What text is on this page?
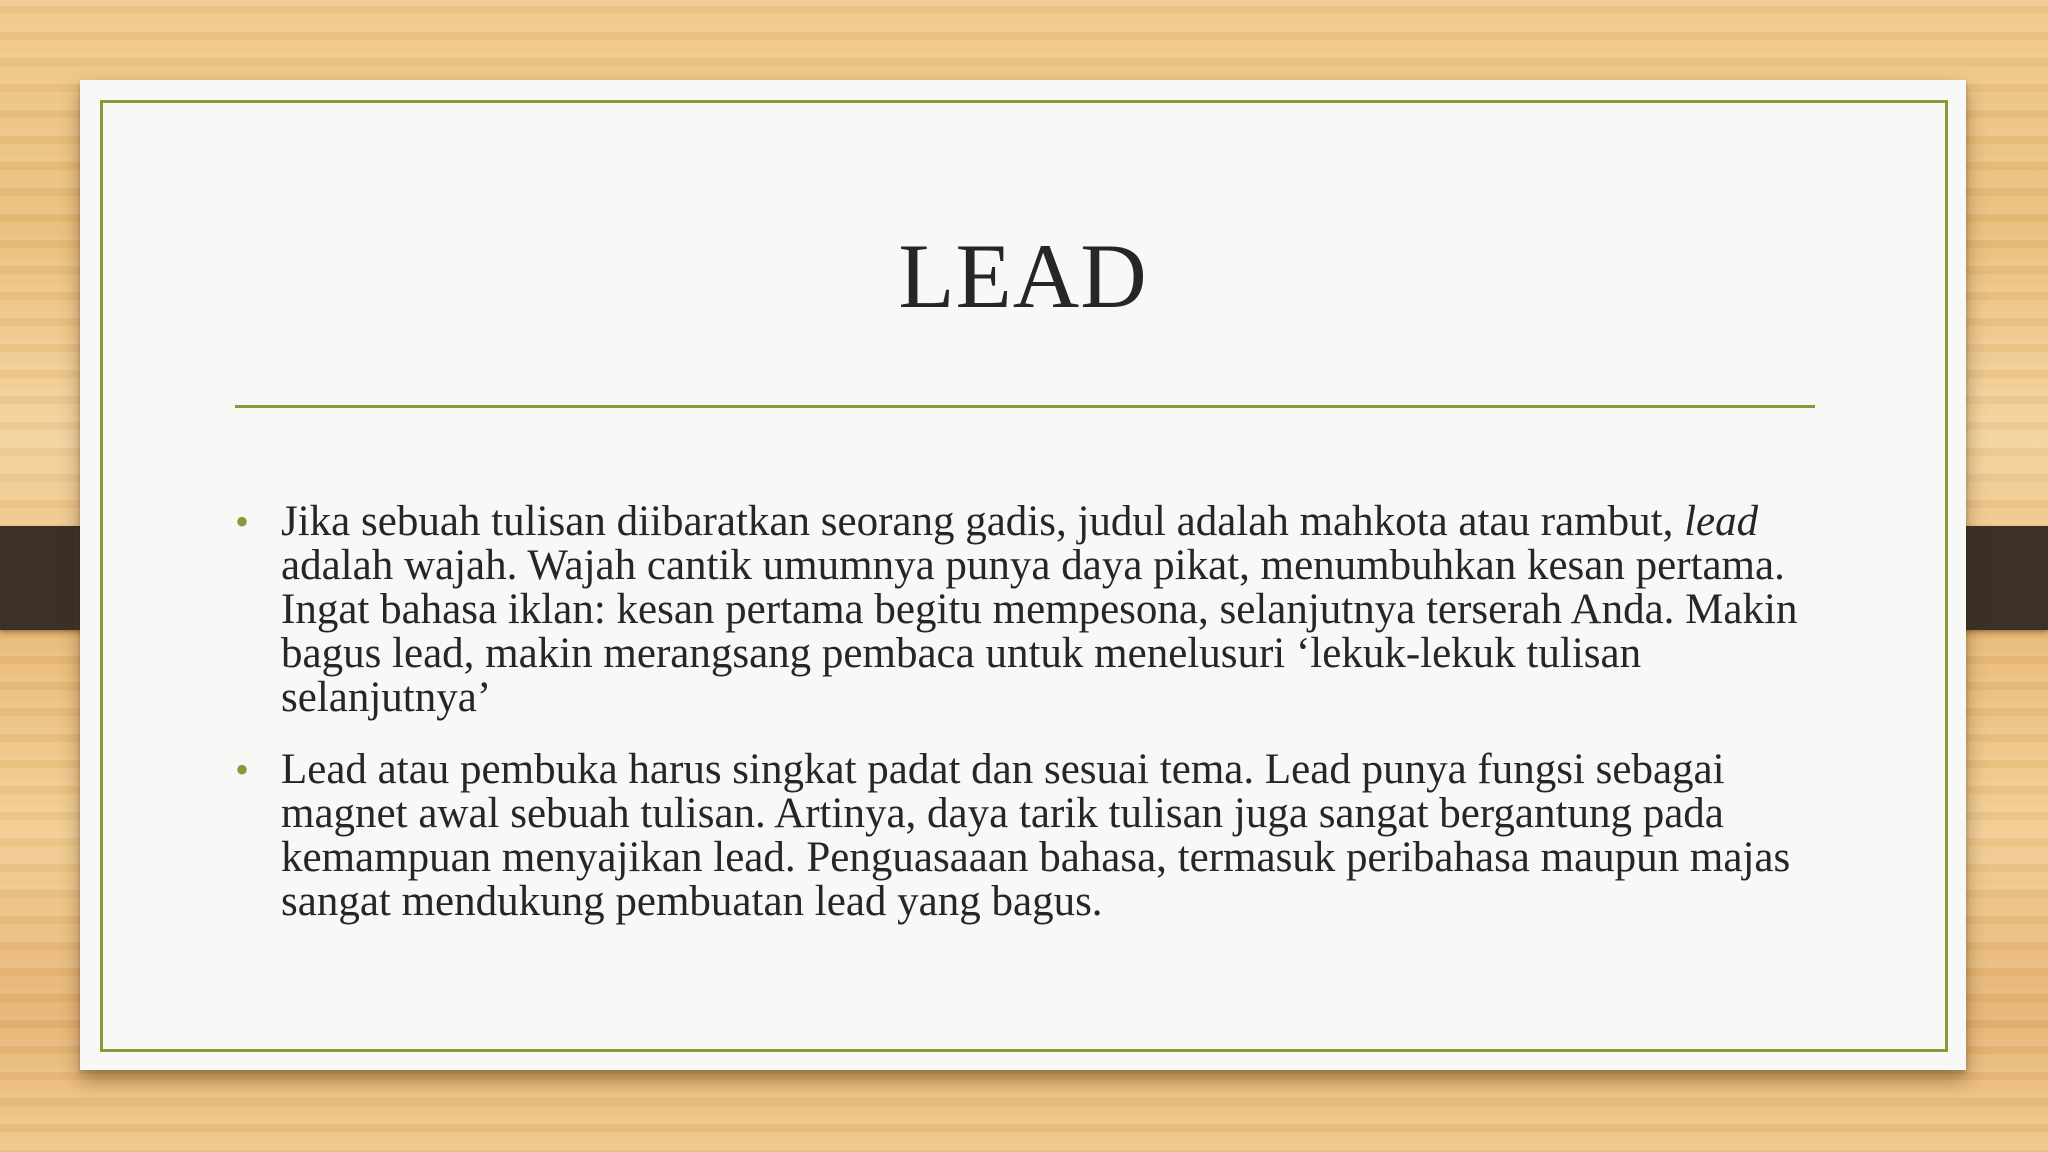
LEAD
• Jika sebuah tulisan diibaratkan seorang gadis, judul adalah mahkota atau rambut, lead adalah wajah. Wajah cantik umumnya punya daya pikat, menumbuhkan kesan pertama. Ingat bahasa iklan: kesan pertama begitu mempesona, selanjutnya terserah Anda. Makin bagus lead, makin merangsang pembaca untuk menelusuri ‘lekuk-lekuk tulisan selanjutnya’
• Lead atau pembuka harus singkat padat dan sesuai tema. Lead punya fungsi sebagai magnet awal sebuah tulisan. Artinya, daya tarik tulisan juga sangat bergantung pada kemampuan menyajikan lead. Penguasaaan bahasa, termasuk peribahasa maupun majas sangat mendukung pembuatan lead yang bagus.
